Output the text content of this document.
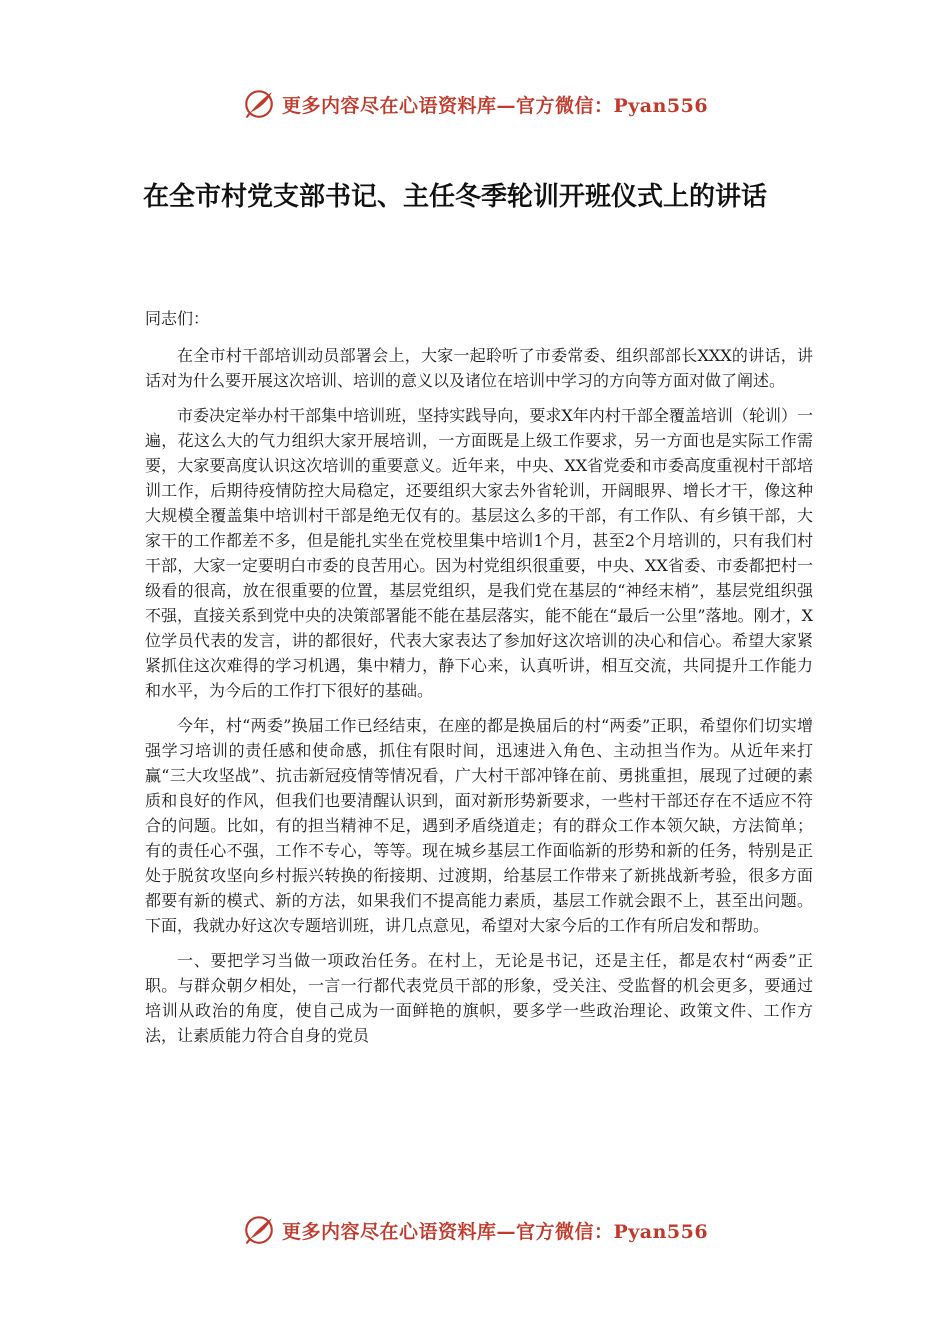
更多内容尽在心语资料库—官方微信：Pyan556
在全市村党支部书记、主任冬季轮训开班仪式上的讲话

同志们：

在全市村干部培训动员部署会上，大家一起聆听了市委常委、组织部部长XXX的讲话，讲话对为什么要开展这次培训、培训的意义以及诸位在培训中学习的方向等方面对做了阐述。

市委决定举办村干部集中培训班，坚持实践导向，要求X年内村干部全覆盖培训（轮训）一遍，花这么大的气力组织大家开展培训，一方面既是上级工作要求，另一方面也是实际工作需要，大家要高度认识这次培训的重要意义。近年来，中央、XX省党委和市委高度重视村干部培训工作，后期待疫情防控大局稳定，还要组织大家去外省轮训，开阔眼界、增长才干，像这种大规模全覆盖集中培训村干部是绝无仅有的。基层这么多的干部，有工作队、有乡镇干部，大家干的工作都差不多，但是能扎实坐在党校里集中培训1个月，甚至2个月培训的，只有我们村干部，大家一定要明白市委的良苦用心。因为村党组织很重要，中央、XX省委、市委都把村一级看的很高，放在很重要的位置，基层党组织，是我们党在基层的“神经末梢”，基层党组织强不强，直接关系到党中央的决策部署能不能在基层落实，能不能在“最后一公里”落地。刚才，X位学员代表的发言，讲的都很好，代表大家表达了参加好这次培训的决心和信心。希望大家紧紧抓住这次难得的学习机遇，集中精力，静下心来，认真听讲，相互交流，共同提升工作能力和水平，为今后的工作打下很好的基础。

今年，村“两委”换届工作已经结束，在座的都是换届后的村“两委”正职，希望你们切实增强学习培训的责任感和使命感，抓住有限时间，迅速进入角色、主动担当作为。从近年来打赢“三大攻坚战”、抗击新冠疫情等情况看，广大村干部冲锋在前、勇挑重担，展现了过硬的素质和良好的作风，但我们也要清醒认识到，面对新形势新要求，一些村干部还存在不适应不符合的问题。比如，有的担当精神不足，遇到矛盾绕道走；有的群众工作本领欠缺，方法简单；有的责任心不强，工作不专心，等等。现在城乡基层工作面临新的形势和新的任务，特别是正处于脱贫攻坚向乡村振兴转换的衔接期、过渡期，给基层工作带来了新挑战新考验，很多方面都要有新的模式、新的方法，如果我们不提高能力素质，基层工作就会跟不上，甚至出问题。下面，我就办好这次专题培训班，讲几点意见，希望对大家今后的工作有所启发和帮助。

一、要把学习当做一项政治任务。在村上，无论是书记，还是主任，都是农村“两委”正职。与群众朝夕相处，一言一行都代表党员干部的形象，受关注、受监督的机会更多，要通过培训从政治的角度，使自己成为一面鲜艳的旗帜，要多学一些政治理论、政策文件、工作方法，让素质能力符合自身的党员

更多内容尽在心语资料库—官方微信：Pyan556
